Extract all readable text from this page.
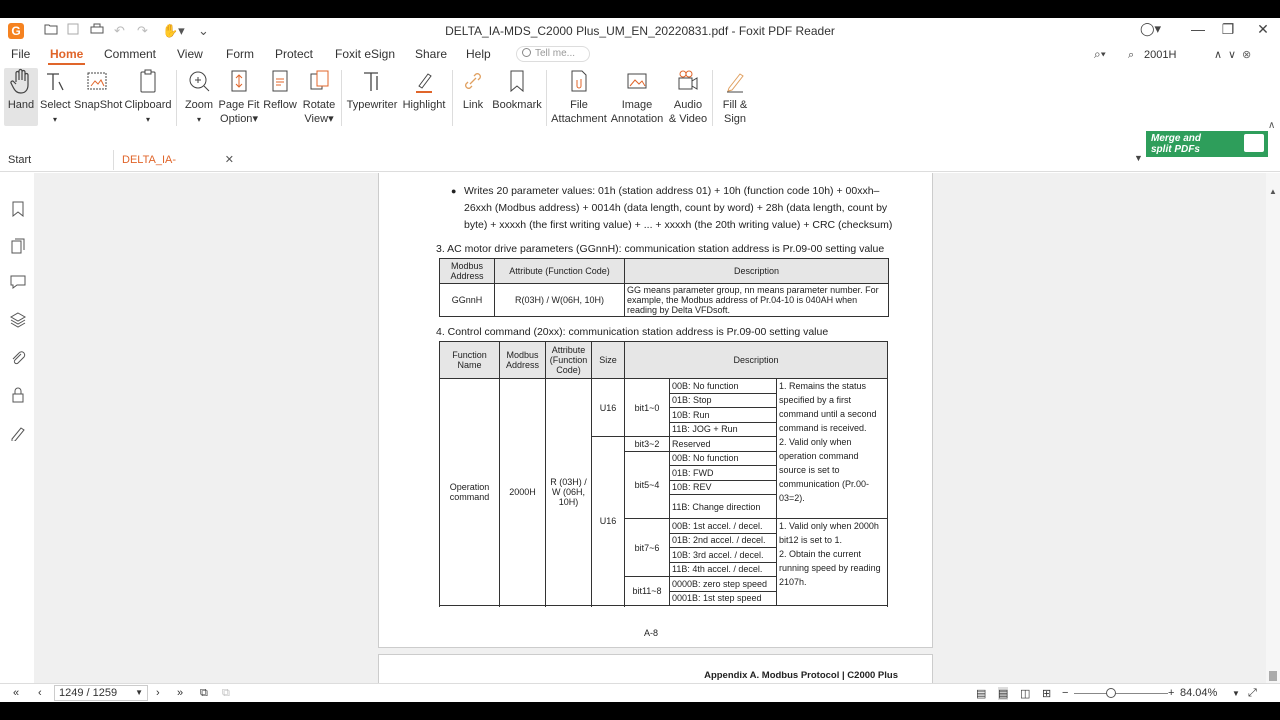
G	↶ ↷ ✋▾ ⌄	DELTA_IA-MDS_C2000 Plus_UM_EN_20220831.pdf - Foxit PDF Reader	◯▾ — ❐ ✕
File Home Comment View Form Protect Foxit eSign Share Help	Tell me...	⌕▾ ⌕ 2001H	∧ ∨ ⊗
Hand Select
▾
SnapShot Clipboard
▾
Zoom
▾
Page Fit
Option▾
Reflow Rotate
View▾
Typewriter Highlight	Link Bookmark	File
Attachment
Image
Annotation
Audio
& Video
Fill &
Sign
Start	DELTA_IA-	✕	▼
Merge and
split PDFs
∧
● Writes 20 parameter values: 01h (station address 01) + 10h (function code 10h) + 00xxh–
26xxh (Modbus address) + 0014h (data length, count by word) + 28h (data length, count by
byte) + xxxxh (the first writing value) + ... + xxxxh (the 20th writing value) + CRC (checksum)
3. AC motor drive parameters (GGnnH): communication station address is Pr.09-00 setting value
Modbus Address	Attribute (Function Code)	Description
GGnnH	R(03H) / W(06H, 10H)	GG means parameter group, nn means parameter number. For example, the Modbus address of Pr.04-10 is 040AH when reading by Delta VFDsoft.
4. Control command (20xx): communication station address is Pr.09-00 setting value
Function Name	Modbus Address	Attribute (Function Code)	Size	Description		
Operation command	2000H	R (03H) / W (06H, 10H)	U16	bit1~0	00B: No function	1. Remains the status specified by a first command until a second command is received.
2. Valid only when operation command source is set to communication (Pr.00-03=2).

					01B: Stop	
					10B: Run	
					11B: JOG + Run	
			U16	bit3~2	Reserved	
				bit5~4	00B: No function	
					01B: FWD	
					10B: REV	
					11B: Change direction	
				bit7~6	00B: 1st accel. / decel.	1. Valid only when 2000h bit12 is set to 1.
2. Obtain the current running speed by reading 2107h.

					01B: 2nd accel. / decel.	
					10B: 3rd accel. / decel.	
					11B: 4th accel. / decel.	
				bit11~8	0000B: zero step speed	
					0001B: 1st step speed	

A-8
Appendix A. Modbus Protocol | C2000 Plus
▲
« ‹	1249 / 1259 ▼ › » ⧉ ⧉	▤ ▤ ◫ ⊞ −	+ 84.04% ▼ ⤢
